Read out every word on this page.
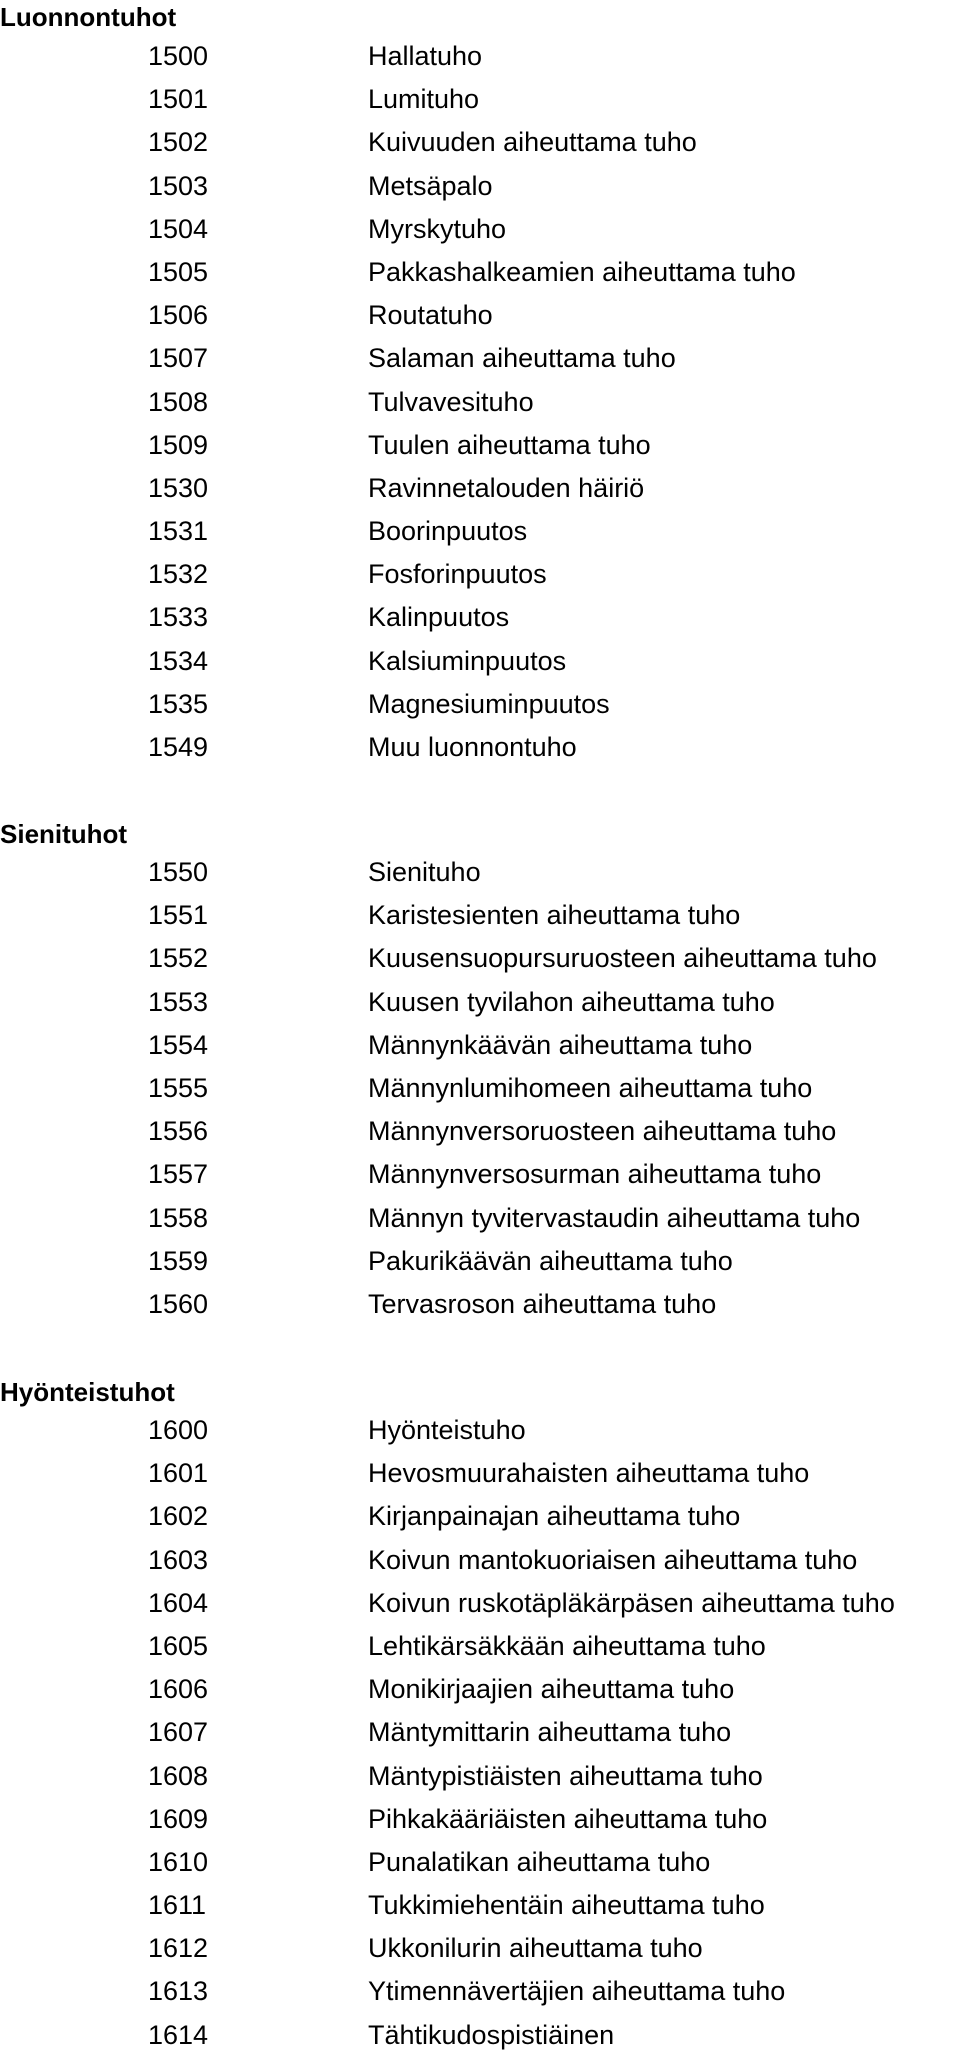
Luonnontuhot
1500	Hallatuho
1501	Lumituho
1502	Kuivuuden aiheuttama tuho
1503	Metsäpalo
1504	Myrskytuho
1505	Pakkashalkeamien aiheuttama tuho
1506	Routatuho
1507	Salaman aiheuttama tuho
1508	Tulvavesituho
1509	Tuulen aiheuttama tuho
1530	Ravinnetalouden häiriö
1531	Boorinpuutos
1532	Fosforinpuutos
1533	Kalinpuutos
1534	Kalsiuminpuutos
1535	Magnesiuminpuutos
1549	Muu luonnontuho
Sienituhot
1550	Sienituho
1551	Karistesienten aiheuttama tuho
1552	Kuusensuopursuruosteen aiheuttama tuho
1553	Kuusen tyvilahon aiheuttama tuho
1554	Männynkäävän aiheuttama tuho
1555	Männynlumihomeen aiheuttama tuho
1556	Männynversoruosteen aiheuttama tuho
1557	Männynversosurman aiheuttama tuho
1558	Männyn tyvitervastaudin aiheuttama tuho
1559	Pakurikäävän aiheuttama tuho
1560	Tervasroson aiheuttama tuho
Hyönteistuhot
1600	Hyönteistuho
1601	Hevosmuurahaisten aiheuttama tuho
1602	Kirjanpainajan aiheuttama tuho
1603	Koivun mantokuoriaisen aiheuttama tuho
1604	Koivun ruskotäpläkärpäsen aiheuttama tuho
1605	Lehtikärsäkkään aiheuttama tuho
1606	Monikirjaajien aiheuttama tuho
1607	Mäntymittarin aiheuttama tuho
1608	Mäntypistiäisten aiheuttama tuho
1609	Pihkakääriäisten aiheuttama tuho
1610	Punalatikan aiheuttama tuho
1611	Tukkimiehentäin aiheuttama tuho
1612	Ukkonilurin aiheuttama tuho
1613	Ytimennävertäjien aiheuttama tuho
1614	Tähtikudospistiäinen
